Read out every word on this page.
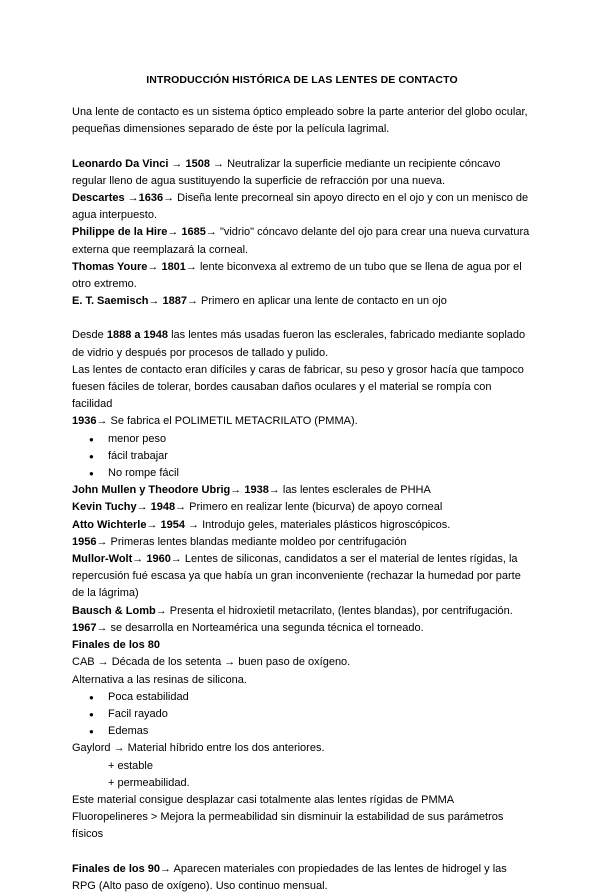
INTRODUCCIÓN HISTÓRICA DE LAS LENTES DE CONTACTO

Una lente de contacto es un sistema óptico empleado sobre la parte anterior del globo ocular, pequeñas dimensiones separado de éste por la película lagrimal.

Leonardo Da Vinci → 1508 → Neutralizar la superficie mediante un recipiente cóncavo regular lleno de agua sustituyendo la superficie de refracción por una nueva.

Descartes →1636→ Diseña lente precorneal sin apoyo directo en el ojo y con un menisco de agua interpuesto.

Philippe de la Hire→ 1685→ "vidrio" cóncavo delante del ojo para crear una nueva curvatura externa que reemplazará la corneal.

Thomas Youre→ 1801→ lente biconvexa al extremo de un tubo que se llena de agua por el otro extremo.

E. T. Saemisch→ 1887→ Primero en aplicar una lente de contacto en un ojo

Desde 1888 a 1948 las lentes más usadas fueron las esclerales, fabricado mediante soplado de vidrio y después por procesos de tallado y pulido.

Las lentes de contacto eran difíciles y caras de fabricar, su peso y grosor hacía que tampoco fuesen fáciles de tolerar, bordes causaban daños oculares y el material se rompía con facilidad

1936→ Se fabrica el POLIMETIL METACRILATO (PMMA).

● menor peso
● fácil trabajar
● No rompe fácil

John Mullen y Theodore Ubrig→ 1938→ las lentes esclerales de PHHA

Kevin Tuchy→ 1948→ Primero en realizar lente (bicurva) de apoyo corneal

Atto Wichterle→ 1954 → Introdujo geles, materiales plásticos higroscópicos.

1956→ Primeras lentes blandas mediante moldeo por centrifugación

Mullor-Wolt→ 1960→ Lentes de siliconas, candidatos a ser el material de lentes rígidas, la repercusión fué escasa ya que había un gran inconveniente (rechazar la humedad por parte de la lágrima)

Bausch & Lomb→ Presenta el hidroxietil metacrilato, (lentes blandas), por centrifugación.

1967→ se desarrolla en Norteamérica una segunda técnica el torneado.

Finales de los 80

CAB → Década de los setenta → buen paso de oxígeno.

Alternativa a las resinas de silicona.

● Poca estabilidad
● Facil rayado
● Edemas

Gaylord → Material híbrido entre los dos anteriores.

+ estable

+ permeabilidad.

Este material consigue desplazar casi totalmente alas lentes rígidas de PMMA

Fluoropelineres > Mejora la permeabilidad sin disminuir la estabilidad de sus parámetros físicos

Finales de los 90→ Aparecen materiales con propiedades de las lentes de hidrogel y las RPG (Alto paso de oxígeno). Uso continuo mensual.
